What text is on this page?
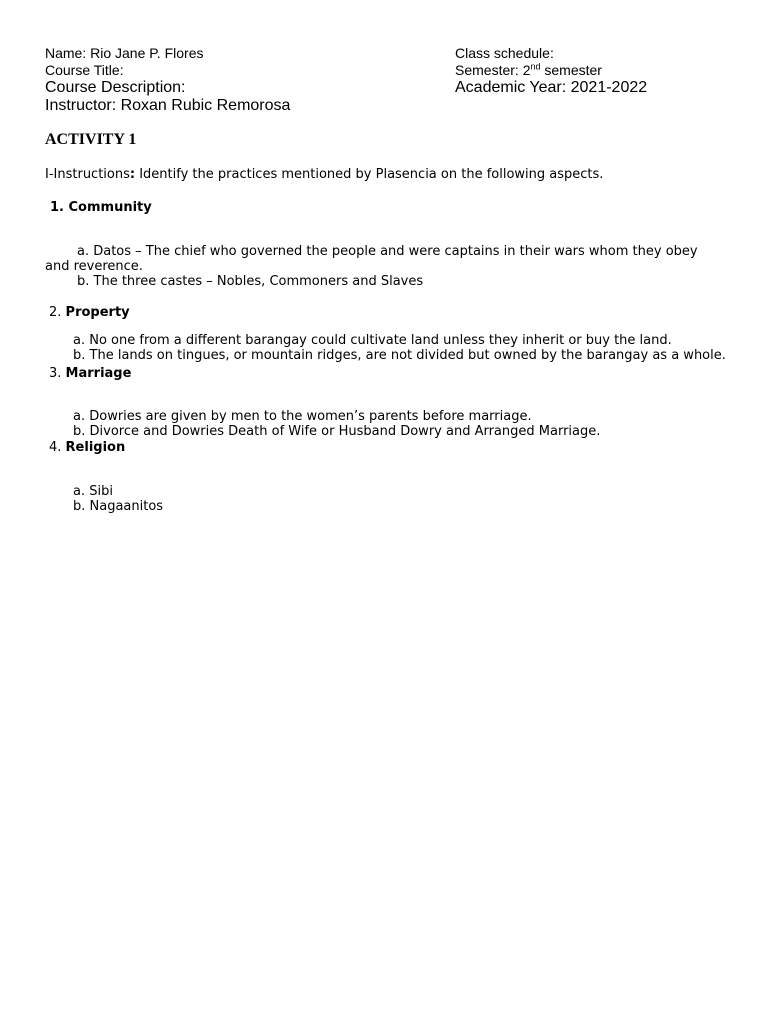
Name: Rio Jane P. Flores
Course Title:
Course Description:
Instructor: Roxan Rubic Remorosa
Class schedule:
Semester: 2nd semester
Academic Year: 2021-2022
ACTIVITY 1

I-Instructions: Identify the practices mentioned by Plasencia on the following aspects.

1. Community

a. Datos – The chief who governed the people and were captains in their wars whom they obey and reverence.

b. The three castes – Nobles, Commoners and Slaves

2. Property

a. No one from a different barangay could cultivate land unless they inherit or buy the land.

b. The lands on tingues, or mountain ridges, are not divided but owned by the barangay as a whole.

3. Marriage

a. Dowries are given by men to the women’s parents before marriage.

b. Divorce and Dowries Death of Wife or Husband Dowry and Arranged Marriage.

4. Religion

a. Sibi

b. Nagaanitos
